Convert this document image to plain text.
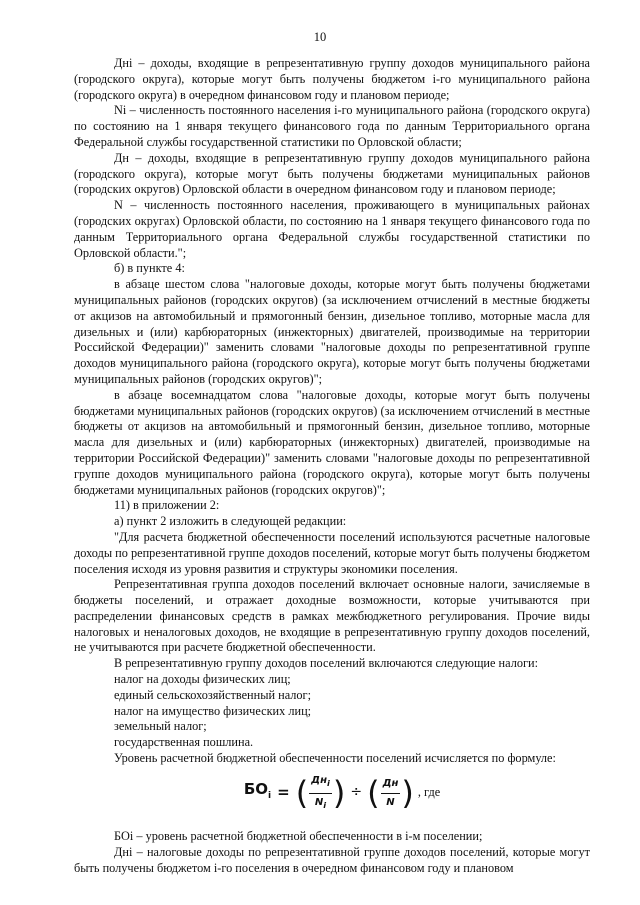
10

Днi – доходы, входящие в репрезентативную группу доходов муниципального района (городского округа), которые могут быть получены бюджетом i-го муниципального района (городского округа) в очередном финансовом году и плановом периоде;

Ni – численность постоянного населения i-го муниципального района (городского округа) по состоянию на 1 января текущего финансового года по данным Территориального органа Федеральной службы государственной статистики по Орловской области;

Дн – доходы, входящие в репрезентативную группу доходов муниципального района (городского округа), которые могут быть получены бюджетами муниципальных районов (городских округов) Орловской области в очередном финансовом году и плановом периоде;

N – численность постоянного населения, проживающего в муниципальных районах (городских округах) Орловской области, по состоянию на 1 января текущего финансового года по данным Территориального органа Федеральной службы государственной статистики по Орловской области.";

б) в пункте 4:

в абзаце шестом слова "налоговые доходы, которые могут быть получены бюджетами муниципальных районов (городских округов) (за исключением отчислений в местные бюджеты от акцизов на автомобильный и прямогонный бензин, дизельное топливо, моторные масла для дизельных и (или) карбюраторных (инжекторных) двигателей, производимые на территории Российской Федерации)" заменить словами "налоговые доходы по репрезентативной группе доходов муниципального района (городского округа), которые могут быть получены бюджетами муниципальных районов (городских округов)";

в абзаце восемнадцатом слова "налоговые доходы, которые могут быть получены бюджетами муниципальных районов (городских округов) (за исключением отчислений в местные бюджеты от акцизов на автомобильный и прямогонный бензин, дизельное топливо, моторные масла для дизельных и (или) карбюраторных (инжекторных) двигателей, производимые на территории Российской Федерации)" заменить словами "налоговые доходы по репрезентативной группе доходов муниципального района (городского округа), которые могут быть получены бюджетами муниципальных районов (городских округов)";

11) в приложении 2:

а) пункт 2 изложить в следующей редакции:

"Для расчета бюджетной обеспеченности поселений используются расчетные налоговые доходы по репрезентативной группе доходов поселений, которые могут быть получены бюджетом поселения исходя из уровня развития и структуры экономики поселения.

Репрезентативная группа доходов поселений включает основные налоги, зачисляемые в бюджеты поселений, и отражает доходные возможности, которые учитываются при распределении финансовых средств в рамках межбюджетного регулирования. Прочие виды налоговых и неналоговых доходов, не входящие в репрезентативную группу доходов поселений, не учитываются при расчете бюджетной обеспеченности.

В репрезентативную группу доходов поселений включаются следующие налоги:

налог на доходы физических лиц;

единый сельскохозяйственный налог;

налог на имущество физических лиц;

земельный налог;

государственная пошлина.

Уровень расчетной бюджетной обеспеченности поселений исчисляется по формуле:

$БО_i$ = ( $\frac{Дн_i}{N_i}$ ) ÷ ( $\frac{Дн}{N}$ ) , где

БОi – уровень расчетной бюджетной обеспеченности в i-м поселении;

Днi – налоговые доходы по репрезентативной группе доходов поселений, которые могут быть получены бюджетом i-го поселения в очередном финансовом году и плановом
